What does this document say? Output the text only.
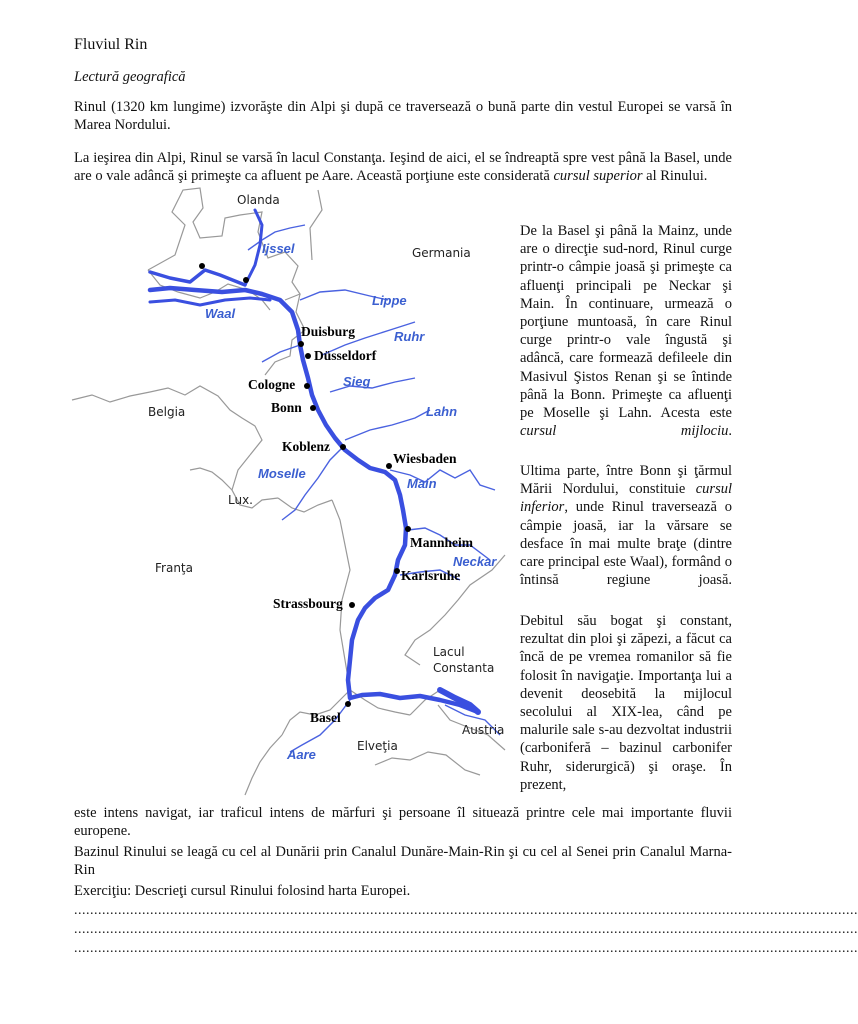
Fluviul Rin
Lectură geografică
Rinul (1320 km lungime) izvorăşte din Alpi şi după ce traversează o bună parte din vestul Europei se varsă în Marea Nordului.
La ieşirea din Alpi, Rinul se varsă în lacul Constanţa. Ieşind de aici, el se îndreaptă spre vest până la Basel, unde are o vale adâncă şi primeşte ca afluent pe Aare. Această porţiune este considerată cursul superior al Rinului.
Olanda
Germania
Belgia
Lux.
Franţa
Elveţia
Austria
Lacul
Constanta
Duisburg
Düsseldorf
Cologne
Bonn
Koblenz
Wiesbaden
Mannheim
Karlsruhe
Strassbourg
Basel
Ijssel
Lippe
Waal
Ruhr
Sieg
Lahn
Moselle
Main
Neckar
Aare
De la Basel şi până la Mainz, unde are o direcţie sud-nord, Rinul curge printr-o câmpie joasă şi primeşte ca afluenţi principali pe Neckar şi Main. În continuare, urmează o porţiune muntoasă, în care Rinul curge printr-o vale îngustă şi adâncă, care formează defileele din Masivul Şistos Renan şi se întinde până la Bonn. Primeşte ca afluenţi pe Moselle şi Lahn. Acesta este cursul mijlociu.
Ultima parte, între Bonn şi ţărmul Mării Nordului, constituie cursul inferior, unde Rinul traversează o câmpie joasă, iar la vărsare se desface în mai multe braţe (dintre care principal este Waal), formând o întinsă regiune joasă.
Debitul său bogat şi constant, rezultat din ploi şi zăpezi, a făcut ca încă de pe vremea romanilor să fie folosit în navigaţie. Importanţa lui a devenit deosebită la mijlocul secolului al XIX-lea, când pe malurile sale s-au dezvoltat industrii (carboniferă – bazinul carbonifer Ruhr, siderurgică) şi oraşe. În prezent,
este intens navigat, iar traficul intens de mărfuri şi persoane îl situează printre cele mai importante fluvii europene.
Bazinul Rinului se leagă cu cel al Dunării prin Canalul Dunăre-Main-Rin şi cu cel al Senei prin Canalul Marna-Rin
Exerciţiu: Descrieţi cursul Rinului folosind harta Europei.
....................................................................................................................................................................................................
....................................................................................................................................................................................................
....................................................................................................................................................................................................
